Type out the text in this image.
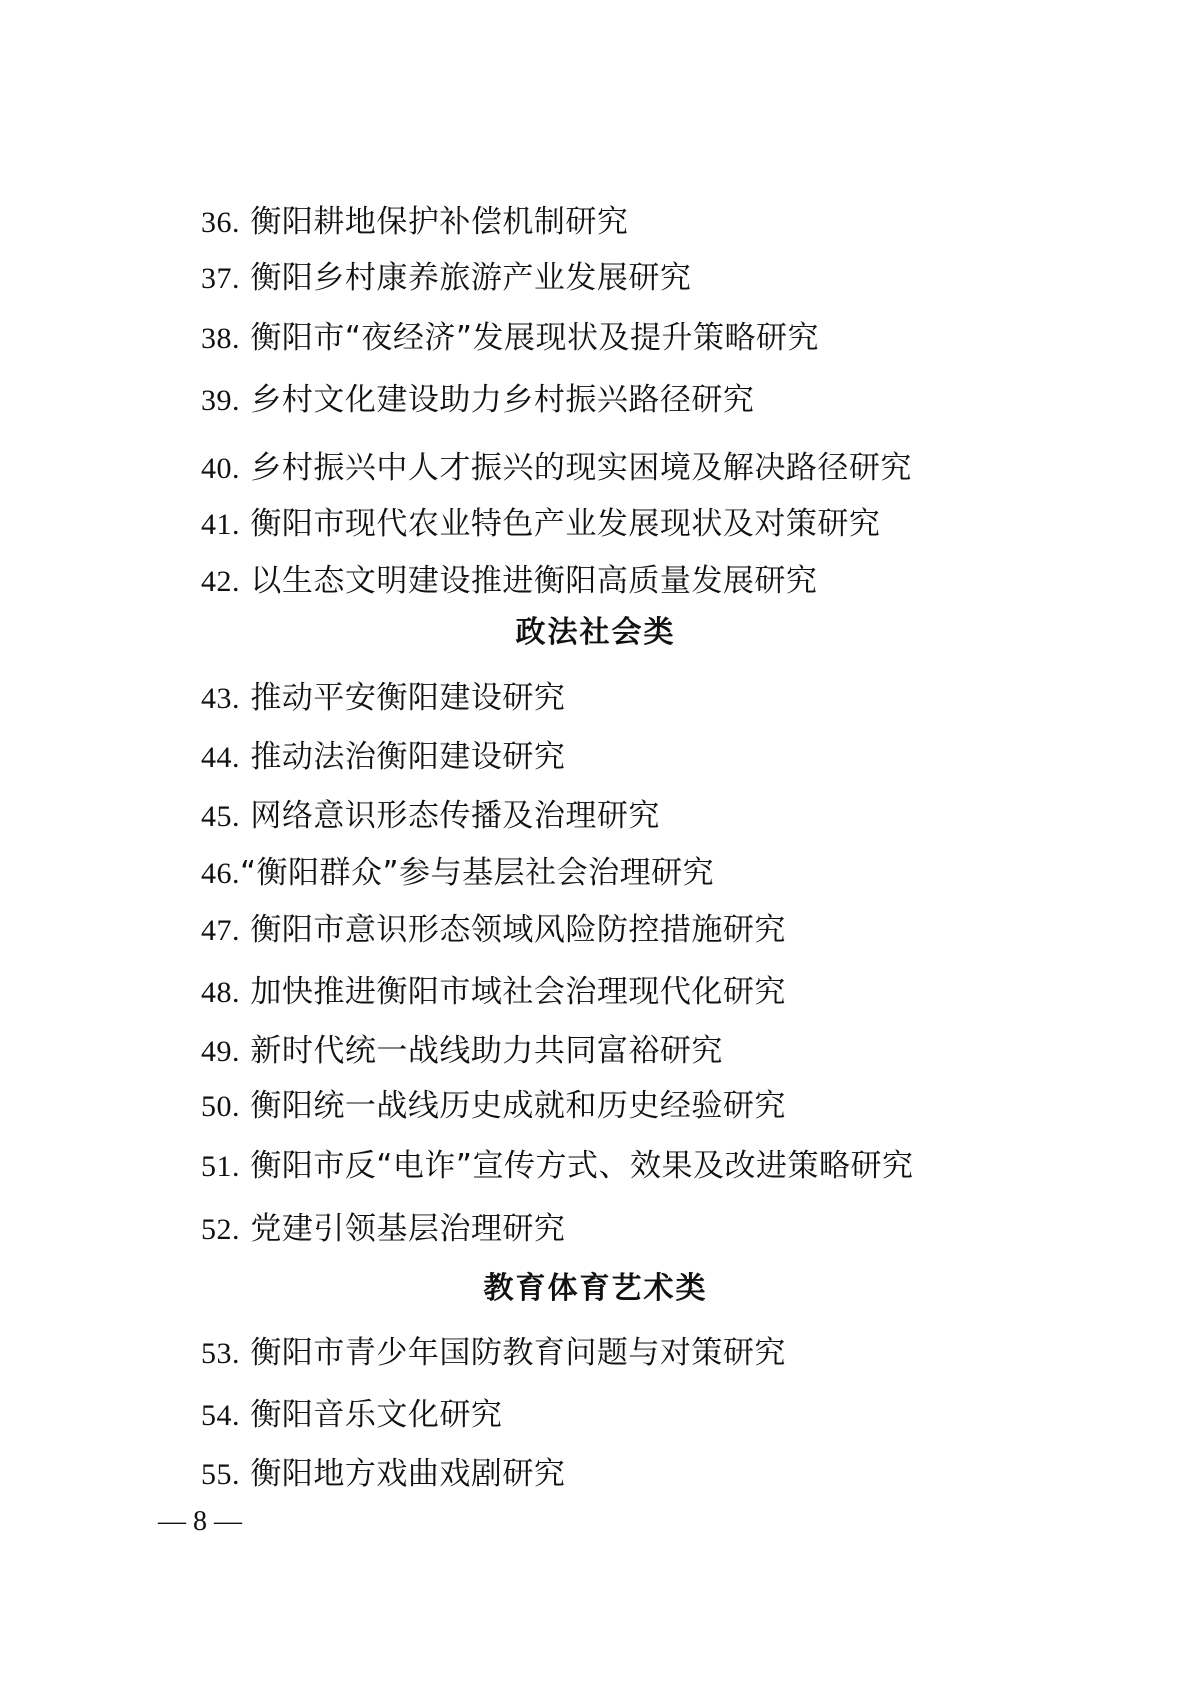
36. 衡阳耕地保护补偿机制研究
37. 衡阳乡村康养旅游产业发展研究
38. 衡阳市“夜经济”发展现状及提升策略研究
39. 乡村文化建设助力乡村振兴路径研究
40. 乡村振兴中人才振兴的现实困境及解决路径研究
41. 衡阳市现代农业特色产业发展现状及对策研究
42. 以生态文明建设推进衡阳高质量发展研究
政法社会类
43. 推动平安衡阳建设研究
44. 推动法治衡阳建设研究
45. 网络意识形态传播及治理研究
46.“衡阳群众”参与基层社会治理研究
47. 衡阳市意识形态领域风险防控措施研究
48. 加快推进衡阳市域社会治理现代化研究
49. 新时代统一战线助力共同富裕研究
50. 衡阳统一战线历史成就和历史经验研究
51. 衡阳市反“电诈”宣传方式、效果及改进策略研究
52. 党建引领基层治理研究
教育体育艺术类
53. 衡阳市青少年国防教育问题与对策研究
54. 衡阳音乐文化研究
55. 衡阳地方戏曲戏剧研究
— 8 —
